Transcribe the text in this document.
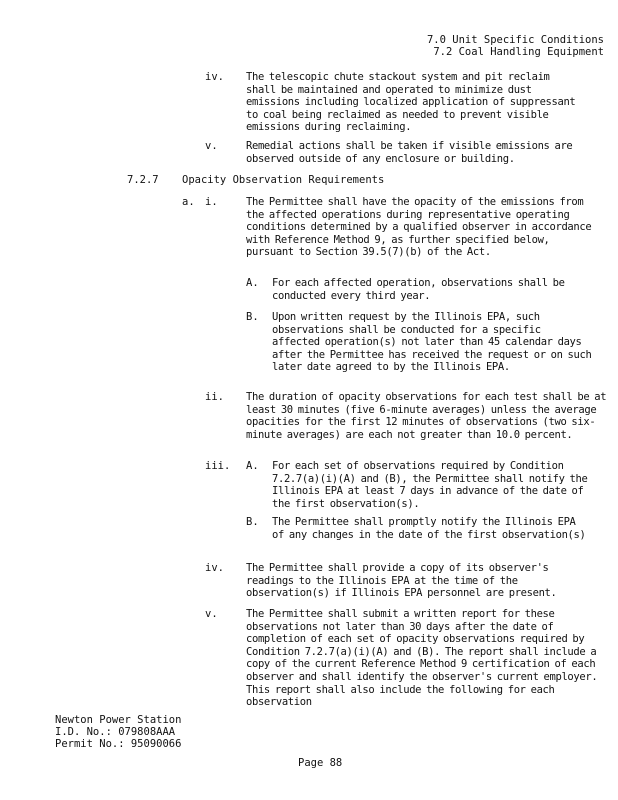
7.0 Unit Specific Conditions
7.2 Coal Handling Equipment
iv. The telescopic chute stackout system and pit reclaim shall be maintained and operated to minimize dust emissions including localized application of suppressant to coal being reclaimed as needed to prevent visible emissions during reclaiming.
v.	Remedial actions shall be taken if visible emissions are observed outside of any enclosure or building.
7.2.7 Opacity Observation Requirements
a. i.	The Permittee shall have the opacity of the emissions from the affected operations during representative operating conditions determined by a qualified observer in accordance with Reference Method 9, as further specified below, pursuant to Section 39.5(7)(b) of the Act.
A. For each affected operation, observations shall be conducted every third year.
B. Upon written request by the Illinois EPA, such observations shall be conducted for a specific affected operation(s) not later than 45 calendar days after the Permittee has received the request or on such later date agreed to by the Illinois EPA.
ii. The duration of opacity observations for each test shall be at least 30 minutes (five 6-minute averages) unless the average opacities for the first 12 minutes of observations (two six-minute averages) are each not greater than 10.0 percent.
iii. A. For each set of observations required by Condition 7.2.7(a)(i)(A) and (B), the Permittee shall notify the Illinois EPA at least 7 days in advance of the date of the first observation(s).
B. The Permittee shall promptly notify the Illinois EPA of any changes in the date of the first observation(s)
iv. The Permittee shall provide a copy of its observer's readings to the Illinois EPA at the time of the observation(s) if Illinois EPA personnel are present.
v.	The Permittee shall submit a written report for these observations not later than 30 days after the date of completion of each set of opacity observations required by Condition 7.2.7(a)(i)(A) and (B). The report shall include a copy of the current Reference Method 9 certification of each observer and shall identify the observer's current employer. This report shall also include the following for each observation
Newton Power Station
I.D. No.: 079808AAA
Permit No.: 95090066
Page 88
